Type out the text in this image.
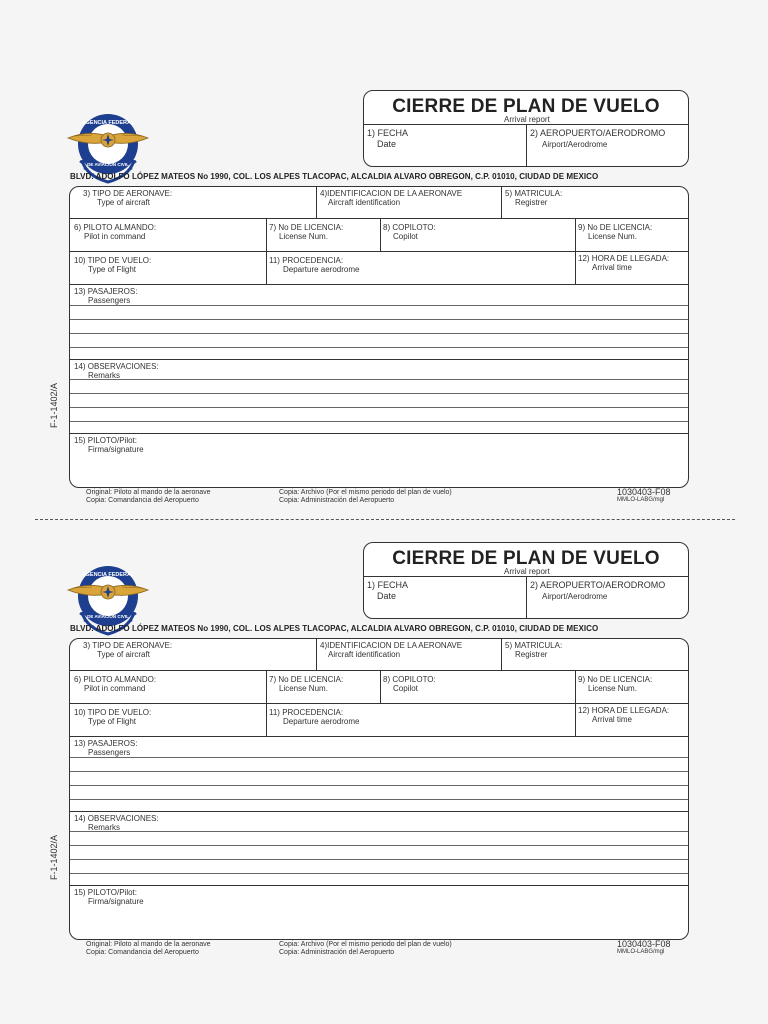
AGENCIA FEDERAL
DE AVIACIÓN CIVIL
CIERRE DE PLAN DE VUELO
Arrival report
1) FECHA
Date
2) AEROPUERTO/AERODROMO
Airport/Aerodrome
BLVD. ADOLFO LÓPEZ MATEOS No 1990, COL. LOS ALPES TLACOPAC, ALCALDIA ALVARO OBREGON, C.P. 01010, CIUDAD DE MEXICO
3) TIPO DE AERONAVE:
Type of aircraft
4)IDENTIFICACION DE LA AERONAVE
Aircraft identification
5) MATRICULA:
Registrer
6) PILOTO ALMANDO:
Pilot in command
7) No DE LICENCIA:
License Num.
8) COPILOTO:
Copilot
9) No DE LICENCIA:
License Num.
10) TIPO DE VUELO:
Type of Flight
11) PROCEDENCIA:
Departure aerodrome
12) HORA DE LLEGADA:
Arrival time
13) PASAJEROS:
Passengers
14) OBSERVACIONES:
Remarks
15) PILOTO/Pilot:
Firma/signature
F-1-1402/A
Original: Piloto al mando de la aeronave
Copia: Comandancia del Aeropuerto
Copia: Archivo (Por el mismo periodo del plan de vuelo)
Copia: Administración del Aeropuerto
1030403-F08
MMLO-LABG/mgl
AGENCIA FEDERAL
DE AVIACIÓN CIVIL
CIERRE DE PLAN DE VUELO
Arrival report
1) FECHA
Date
2) AEROPUERTO/AERODROMO
Airport/Aerodrome
BLVD. ADOLFO LÓPEZ MATEOS No 1990, COL. LOS ALPES TLACOPAC, ALCALDIA ALVARO OBREGON, C.P. 01010, CIUDAD DE MEXICO
3) TIPO DE AERONAVE:
Type of aircraft
4)IDENTIFICACION DE LA AERONAVE
Aircraft identification
5) MATRICULA:
Registrer
6) PILOTO ALMANDO:
Pilot in command
7) No DE LICENCIA:
License Num.
8) COPILOTO:
Copilot
9) No DE LICENCIA:
License Num.
10) TIPO DE VUELO:
Type of Flight
11) PROCEDENCIA:
Departure aerodrome
12) HORA DE LLEGADA:
Arrival time
13) PASAJEROS:
Passengers
14) OBSERVACIONES:
Remarks
15) PILOTO/Pilot:
Firma/signature
F-1-1402/A
Original: Piloto al mando de la aeronave
Copia: Comandancia del Aeropuerto
Copia: Archivo (Por el mismo periodo del plan de vuelo)
Copia: Administración del Aeropuerto
1030403-F08
MMLO-LABG/mgl
